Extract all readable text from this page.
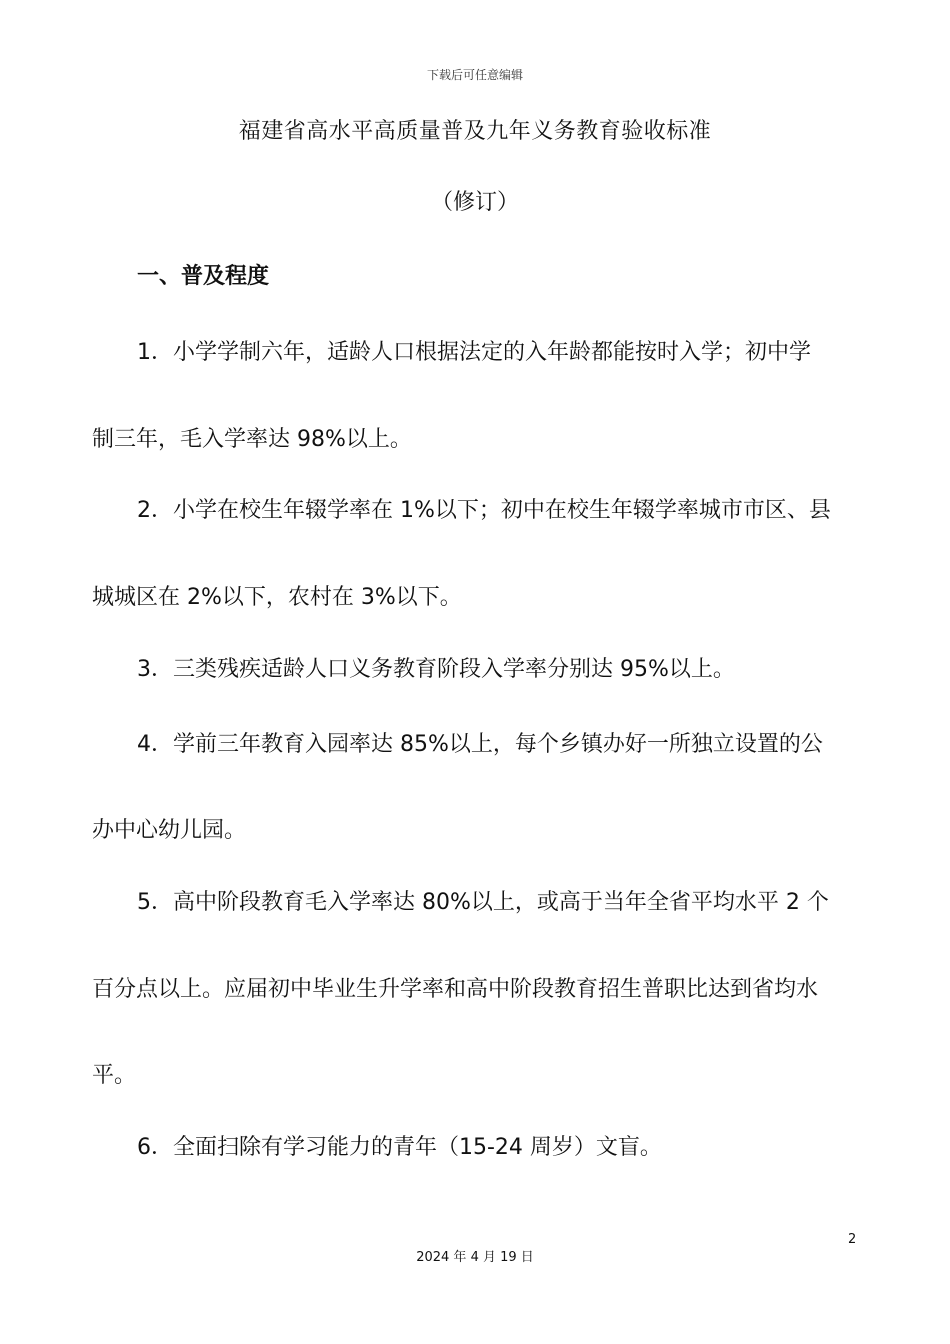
下载后可任意编辑
福建省高水平高质量普及九年义务教育验收标准
（修订）
一、普及程度
1．小学学制六年，适龄人口根据法定的入年龄都能按时入学；初中学
制三年，毛入学率达 98%以上。
2．小学在校生年辍学率在 1%以下；初中在校生年辍学率城市市区、县
城城区在 2%以下，农村在 3%以下。
3．三类残疾适龄人口义务教育阶段入学率分别达 95%以上。
4．学前三年教育入园率达 85%以上，每个乡镇办好一所独立设置的公
办中心幼儿园。
5．高中阶段教育毛入学率达 80%以上，或高于当年全省平均水平 2 个
百分点以上。应届初中毕业生升学率和高中阶段教育招生普职比达到省均水
平。
6．全面扫除有学习能力的青年（15-24 周岁）文盲。
2
2024 年 4 月 19 日
